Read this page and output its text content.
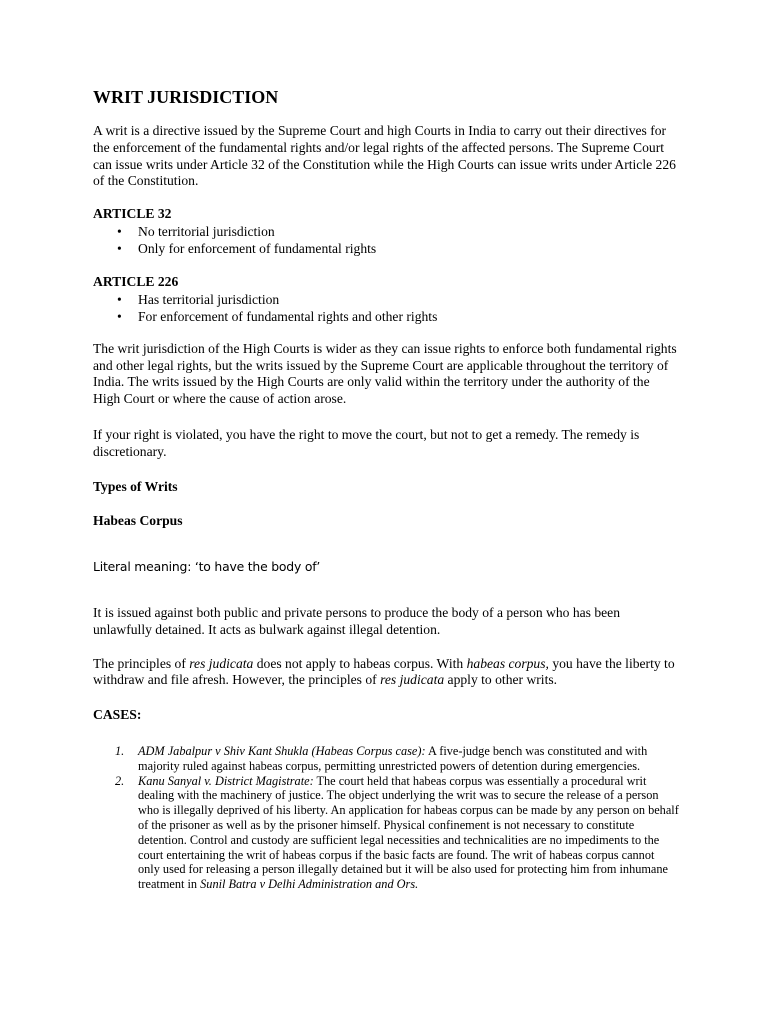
WRIT JURISDICTION

A writ is a directive issued by the Supreme Court and high Courts in India to carry out their directives for the enforcement of the fundamental rights and/or legal rights of the affected persons. The Supreme Court can issue writs under Article 32 of the Constitution while the High Courts can issue writs under Article 226 of the Constitution.

ARTICLE 32

• No territorial jurisdiction
• Only for enforcement of fundamental rights

ARTICLE 226

• Has territorial jurisdiction
• For enforcement of fundamental rights and other rights

The writ jurisdiction of the High Courts is wider as they can issue rights to enforce both fundamental rights and other legal rights, but the writs issued by the Supreme Court are applicable throughout the territory of India. The writs issued by the High Courts are only valid within the territory under the authority of the High Court or where the cause of action arose.

If your right is violated, you have the right to move the court, but not to get a remedy. The remedy is discretionary.

Types of Writs

Habeas Corpus

Literal meaning: ‘to have the body of’

It is issued against both public and private persons to produce the body of a person who has been unlawfully detained. It acts as bulwark against illegal detention.

The principles of res judicata does not apply to habeas corpus. With habeas corpus, you have the liberty to withdraw and file afresh. However, the principles of res judicata apply to other writs.

CASES:

1. ADM Jabalpur v Shiv Kant Shukla (Habeas Corpus case): A five-judge bench was constituted and with majority ruled against habeas corpus, permitting unrestricted powers of detention during emergencies.
2. Kanu Sanyal v. District Magistrate: The court held that habeas corpus was essentially a procedural writ dealing with the machinery of justice. The object underlying the writ was to secure the release of a person who is illegally deprived of his liberty. An application for habeas corpus can be made by any person on behalf of the prisoner as well as by the prisoner himself. Physical confinement is not necessary to constitute detention. Control and custody are sufficient legal necessities and technicalities are no impediments to the court entertaining the writ of habeas corpus if the basic facts are found. The writ of habeas corpus cannot only used for releasing a person illegally detained but it will be also used for protecting him from inhumane treatment in Sunil Batra v Delhi Administration and Ors.
